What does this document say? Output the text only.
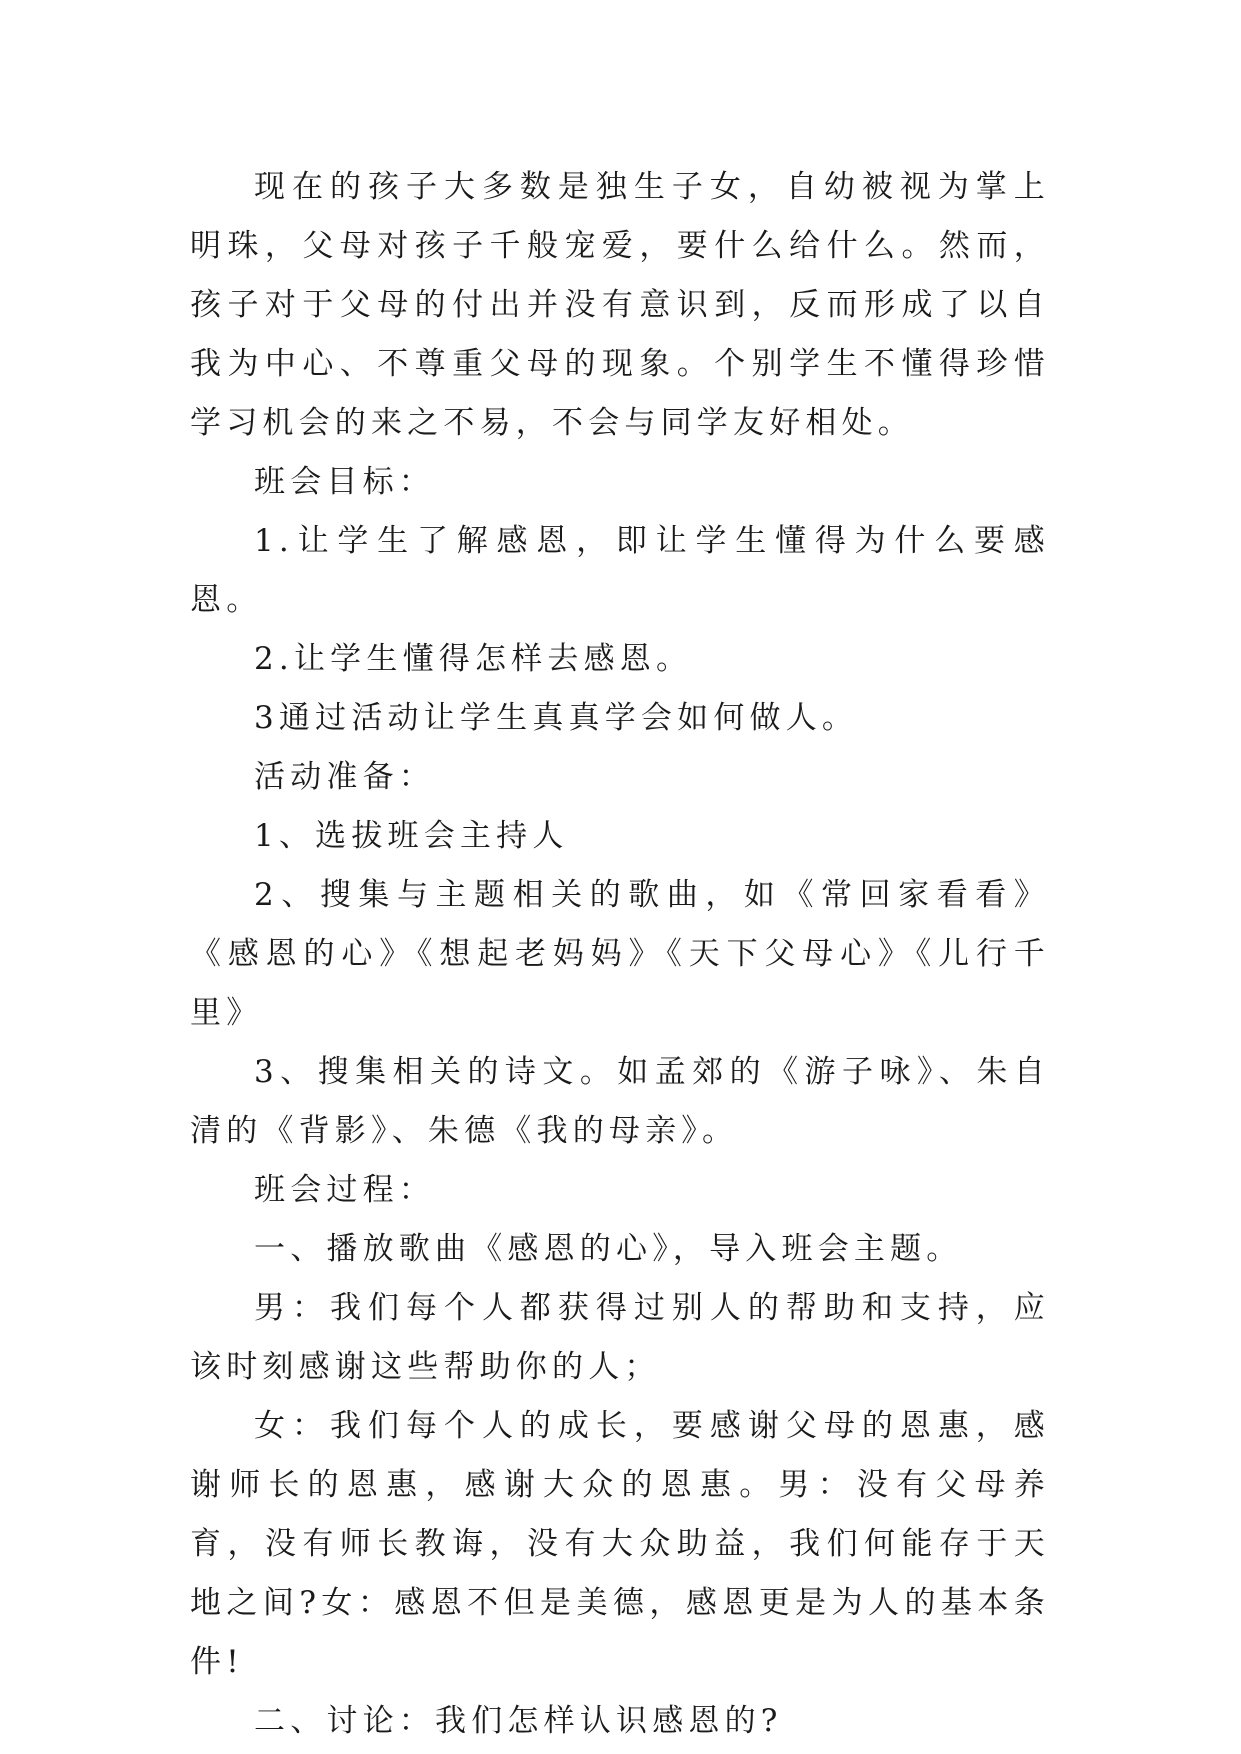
现在的孩子大多数是独生子女，自幼被视为掌上明珠，父母对孩子千般宠爱，要什么给什么。然而，孩子对于父母的付出并没有意识到，反而形成了以自我为中心、不尊重父母的现象。个别学生不懂得珍惜学习机会的来之不易，不会与同学友好相处。

班会目标：

1.让学生了解感恩，即让学生懂得为什么要感恩。

2.让学生懂得怎样去感恩。

3通过活动让学生真真学会如何做人。

活动准备：

1、选拔班会主持人

2、搜集与主题相关的歌曲，如《常回家看看》《感恩的心》《想起老妈妈》《天下父母心》《儿行千里》

3、搜集相关的诗文。如孟郊的《游子咏》、朱自清的《背影》、朱德《我的母亲》。

班会过程：

一、播放歌曲《感恩的心》，导入班会主题。

男：我们每个人都获得过别人的帮助和支持，应该时刻感谢这些帮助你的人；

女：我们每个人的成长，要感谢父母的恩惠，感谢师长的恩惠，感谢大众的恩惠。男：没有父母养育，没有师长教诲，没有大众助益，我们何能存于天地之间?女：感恩不但是美德，感恩更是为人的基本条件!

二、讨论：我们怎样认识感恩的?
